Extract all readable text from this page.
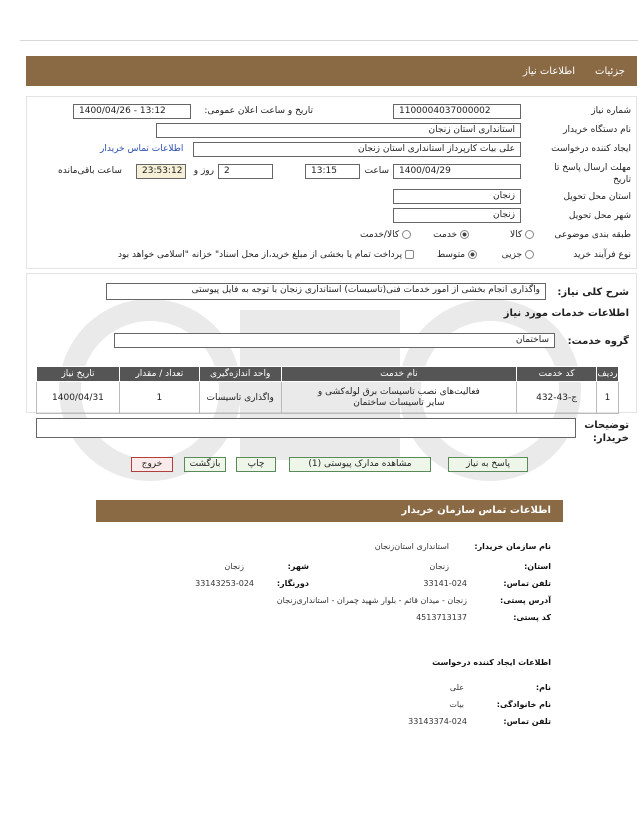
جزئیات
اطلاعات نیاز
شماره نیاز
1100004037000002
تاریخ و ساعت اعلان عمومی:
1400/04/26 - 13:12
نام دستگاه خریدار
استانداری استان زنجان
ایجاد کننده درخواست
علی بیات کارپرداز استانداری استان زنجان
اطلاعات تماس خریدار
مهلت ارسال پاسخ تا تاریخ
1400/04/29
ساعت
13:15
2
روز و
23:53:12
ساعت باقی‌مانده
استان محل تحویل
زنجان
شهر محل تحویل
زنجان
طبقه بندی موضوعی
کالا
خدمت
کالا/خدمت
نوع فرآیند خرید
جزیی
متوسط
پرداخت تمام یا بخشی از مبلغ خرید،از محل اسناد" خزانه "اسلامی خواهد بود
شرح کلی نیاز:
واگذاری انجام بخشی از امور خدمات فنی(تاسیسات) استانداری زنجان با توجه به فایل پیوستی
اطلاعات خدمات مورد نیاز
گروه خدمت:
ساختمان
ردیف	کد خدمت	نام خدمت	واحد اندازه‌گیری	تعداد / مقدار	تاریخ نیاز
1	ج-43-432	فعالیت‌های نصب تاسیسات برق لوله‌کشی و سایر تاسیسات ساختمان	واگذاری تاسیسات	1	1400/04/31
توضیحات خریدار:
پاسخ به نیاز
مشاهده مدارک پیوستی (1)
چاپ
بازگشت
خروج
اطلاعات تماس سازمان خریدار
نام سازمان خریدار:
استانداری استان‌زنجان
استان:
زنجان
شهر:
زنجان
تلفن تماس:
33141-024
دورنگار:
33143253-024
آدرس پستی:
زنجان - میدان قائم - بلوار شهید چمران - استانداری‌زنجان
کد پستی:
4513713137
اطلاعات ایجاد کننده درخواست
نام:
علی
نام خانوادگی:
بیات
تلفن تماس:
33143374-024
